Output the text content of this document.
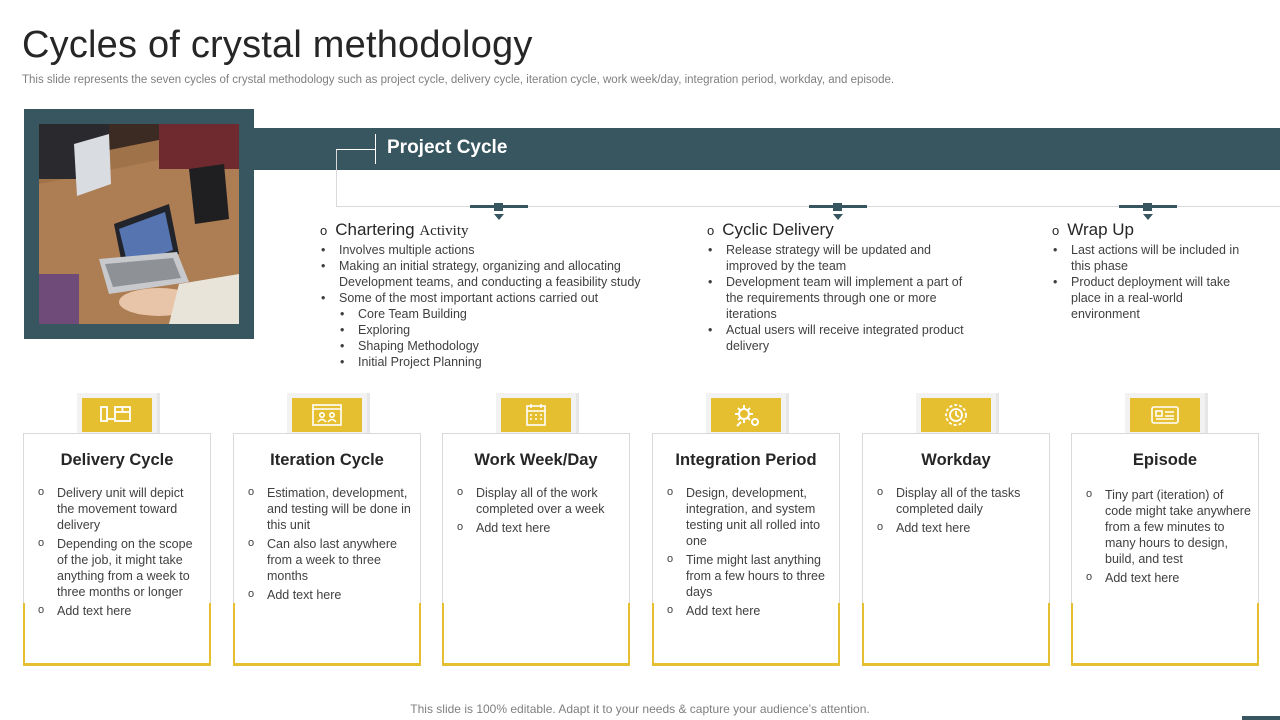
Cycles of crystal methodology
This slide represents the seven cycles of crystal methodology such as project cycle, delivery cycle, iteration cycle, work week/day, integration period, workday, and episode.
Project Cycle
o Chartering Activity
• Involves multiple actions
• Making an initial strategy, organizing and allocating Development teams, and conducting a feasibility study
• Some of the most important actions carried out
• Core Team Building
• Exploring
• Shaping Methodology
• Initial Project Planning
o Cyclic Delivery
• Release strategy will be updated and improved by the team
• Development team will implement a part of the requirements through one or more iterations
• Actual users will receive integrated product delivery
o Wrap Up
• Last actions will be included in this phase
• Product deployment will take place in a real-world environment
Delivery Cycle
o Delivery unit will depict the movement toward delivery
o Depending on the scope of the job, it might take anything from a week to three months or longer
o Add text here
Iteration Cycle
o Estimation, development, and testing will be done in this unit
o Can also last anywhere from a week to three months
o Add text here
Work Week/Day
o Display all of the work completed over a week
o Add text here
Integration Period
o Design, development, integration, and system testing unit all rolled into one
o Time might last anything from a few hours to three days
o Add text here
Workday
o Display all of the tasks completed daily
o Add text here
Episode
o Tiny part (iteration) of code might take anywhere from a few minutes to many hours to design, build, and test
o Add text here
This slide is 100% editable. Adapt it to your needs & capture your audience’s attention.
